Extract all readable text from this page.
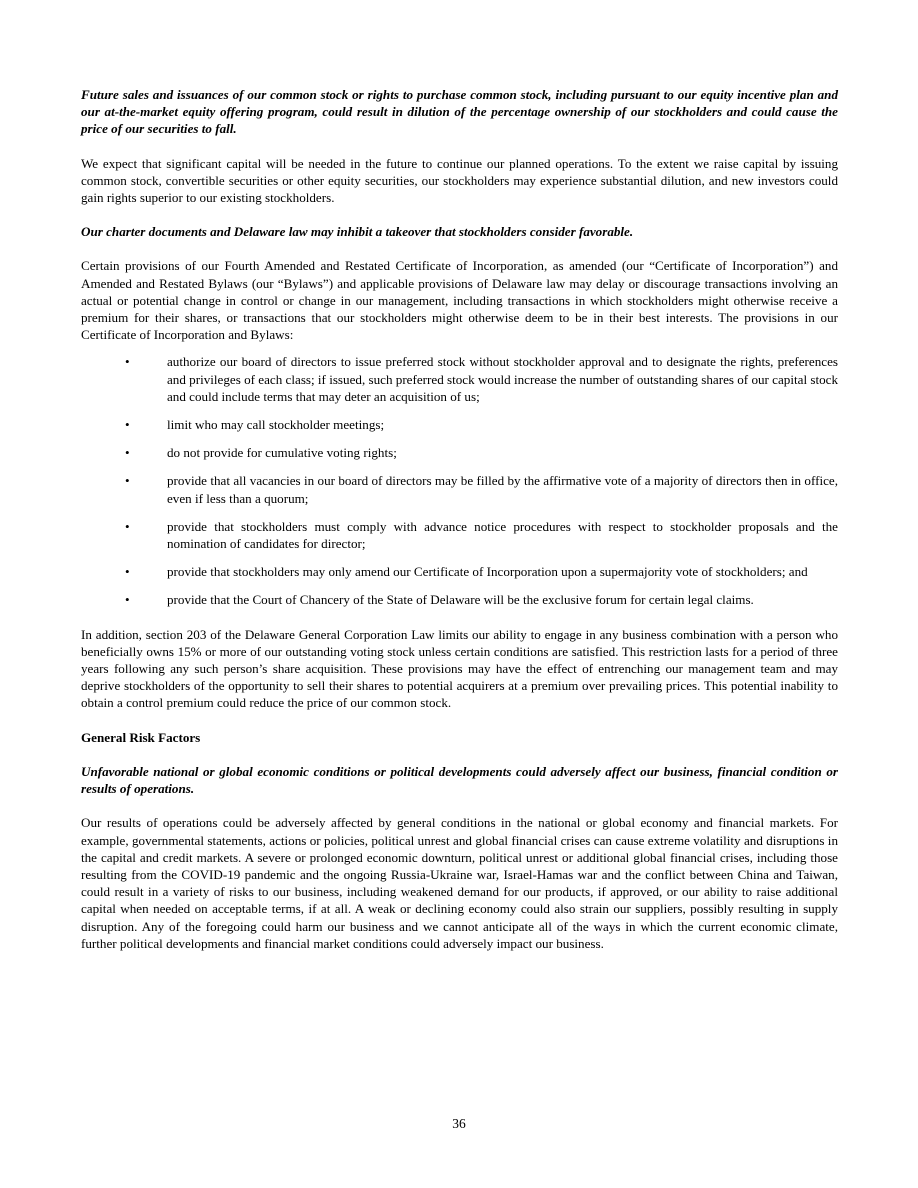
Future sales and issuances of our common stock or rights to purchase common stock, including pursuant to our equity incentive plan and our at-the-market equity offering program, could result in dilution of the percentage ownership of our stockholders and could cause the price of our securities to fall.

We expect that significant capital will be needed in the future to continue our planned operations. To the extent we raise capital by issuing common stock, convertible securities or other equity securities, our stockholders may experience substantial dilution, and new investors could gain rights superior to our existing stockholders.

Our charter documents and Delaware law may inhibit a takeover that stockholders consider favorable.

Certain provisions of our Fourth Amended and Restated Certificate of Incorporation, as amended (our “Certificate of Incorporation”) and Amended and Restated Bylaws (our “Bylaws”) and applicable provisions of Delaware law may delay or discourage transactions involving an actual or potential change in control or change in our management, including transactions in which stockholders might otherwise receive a premium for their shares, or transactions that our stockholders might otherwise deem to be in their best interests. The provisions in our Certificate of Incorporation and Bylaws:

•	authorize our board of directors to issue preferred stock without stockholder approval and to designate the rights, preferences and privileges of each class; if issued, such preferred stock would increase the number of outstanding shares of our capital stock and could include terms that may deter an acquisition of us;
•	limit who may call stockholder meetings;
•	do not provide for cumulative voting rights;
•	provide that all vacancies in our board of directors may be filled by the affirmative vote of a majority of directors then in office, even if less than a quorum;
•	provide that stockholders must comply with advance notice procedures with respect to stockholder proposals and the nomination of candidates for director;
•	provide that stockholders may only amend our Certificate of Incorporation upon a supermajority vote of stockholders; and
•	provide that the Court of Chancery of the State of Delaware will be the exclusive forum for certain legal claims.

In addition, section 203 of the Delaware General Corporation Law limits our ability to engage in any business combination with a person who beneficially owns 15% or more of our outstanding voting stock unless certain conditions are satisfied. This restriction lasts for a period of three years following any such person’s share acquisition. These provisions may have the effect of entrenching our management team and may deprive stockholders of the opportunity to sell their shares to potential acquirers at a premium over prevailing prices. This potential inability to obtain a control premium could reduce the price of our common stock.

General Risk Factors

Unfavorable national or global economic conditions or political developments could adversely affect our business, financial condition or results of operations.

Our results of operations could be adversely affected by general conditions in the national or global economy and financial markets. For example, governmental statements, actions or policies, political unrest and global financial crises can cause extreme volatility and disruptions in the capital and credit markets. A severe or prolonged economic downturn, political unrest or additional global financial crises, including those resulting from the COVID-19 pandemic and the ongoing Russia-Ukraine war, Israel-Hamas war and the conflict between China and Taiwan, could result in a variety of risks to our business, including weakened demand for our products, if approved, or our ability to raise additional capital when needed on acceptable terms, if at all. A weak or declining economy could also strain our suppliers, possibly resulting in supply disruption. Any of the foregoing could harm our business and we cannot anticipate all of the ways in which the current economic climate, further political developments and financial market conditions could adversely impact our business.

36
